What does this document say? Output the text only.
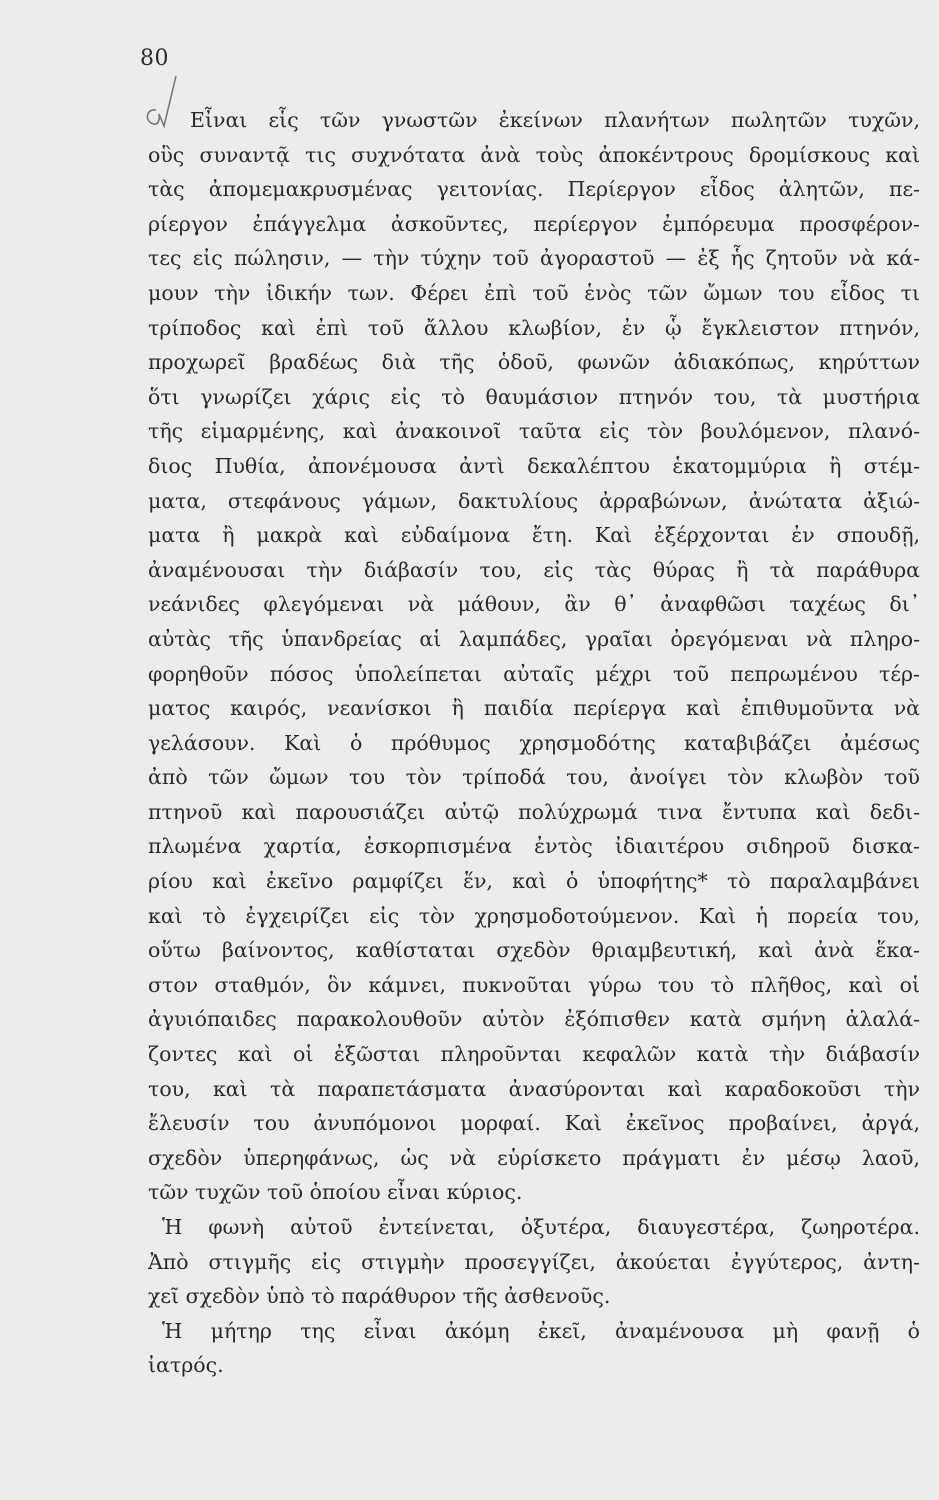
80
Εἶναι εἷς τῶν γνωστῶν ἐκείνων πλανήτων πωλητῶν τυχῶν,
οὓς συναντᾷ τις συχνότατα ἀνὰ τοὺς ἀποκέντρους δρομίσκους καὶ
τὰς ἀπομεμακρυσμένας γειτονίας. Περίεργον εἶδος ἀλητῶν, πε-
ρίεργον ἐπάγγελμα ἀσκοῦντες, περίεργον ἐμπόρευμα προσφέρον-
τες εἰς πώλησιν, — τὴν τύχην τοῦ ἀγοραστοῦ — ἐξ ἧς ζητοῦν νὰ κά-
μουν τὴν ἰδικήν των. Φέρει ἐπὶ τοῦ ἑνὸς τῶν ὤμων του εἶδος τι
τρίποδος καὶ ἐπὶ τοῦ ἄλλου κλωβίον, ἐν ᾧ ἔγκλειστον πτηνόν,
προχωρεῖ βραδέως διὰ τῆς ὁδοῦ, φωνῶν ἀδιακόπως, κηρύττων
ὅτι γνωρίζει χάρις εἰς τὸ θαυμάσιον πτηνόν του, τὰ μυστήρια
τῆς εἱμαρμένης, καὶ ἀνακοινοῖ ταῦτα εἰς τὸν βουλόμενον, πλανό-
διος Πυθία, ἀπονέμουσα ἀντὶ δεκαλέπτου ἑκατομμύρια ἢ στέμ-
ματα, στεφάνους γάμων, δακτυλίους ἀρραβώνων, ἀνώτατα ἀξιώ-
ματα ἢ μακρὰ καὶ εὐδαίμονα ἔτη. Καὶ ἐξέρχονται ἐν σπουδῇ,
ἀναμένουσαι τὴν διάβασίν του, εἰς τὰς θύρας ἢ τὰ παράθυρα
νεάνιδες φλεγόμεναι νὰ μάθουν, ἂν θ᾽ ἀναφθῶσι ταχέως δι᾽
αὐτὰς τῆς ὑπανδρείας αἱ λαμπάδες, γραῖαι ὀρεγόμεναι νὰ πληρο-
φορηθοῦν πόσος ὑπολείπεται αὐταῖς μέχρι τοῦ πεπρωμένου τέρ-
ματος καιρός, νεανίσκοι ἢ παιδία περίεργα καὶ ἐπιθυμοῦντα νὰ
γελάσουν. Καὶ ὁ πρόθυμος χρησμοδότης καταβιβάζει ἀμέσως
ἀπὸ τῶν ὤμων του τὸν τρίποδά του, ἀνοίγει τὸν κλωβὸν τοῦ
πτηνοῦ καὶ παρουσιάζει αὐτῷ πολύχρωμά τινα ἔντυπα καὶ δεδι-
πλωμένα χαρτία, ἐσκορπισμένα ἐντὸς ἰδιαιτέρου σιδηροῦ δισκα-
ρίου καὶ ἐκεῖνο ραμφίζει ἕν, καὶ ὁ ὑποφήτης* τὸ παραλαμβάνει
καὶ τὸ ἐγχειρίζει εἰς τὸν χρησμοδοτούμενον. Καὶ ἡ πορεία του,
οὕτω βαίνοντος, καθίσταται σχεδὸν θριαμβευτική, καὶ ἀνὰ ἕκα-
στον σταθμόν, ὃν κάμνει, πυκνοῦται γύρω του τὸ πλῆθος, καὶ οἱ
ἀγυιόπαιδες παρακολουθοῦν αὐτὸν ἐξόπισθεν κατὰ σμήνη ἀλαλά-
ζοντες καὶ οἱ ἐξῶσται πληροῦνται κεφαλῶν κατὰ τὴν διάβασίν
του, καὶ τὰ παραπετάσματα ἀνασύρονται καὶ καραδοκοῦσι τὴν
ἔλευσίν του ἀνυπόμονοι μορφαί. Καὶ ἐκεῖνος προβαίνει, ἀργά,
σχεδὸν ὑπερηφάνως, ὡς νὰ εὑρίσκετο πράγματι ἐν μέσῳ λαοῦ,
τῶν τυχῶν τοῦ ὁποίου εἶναι κύριος.
Ἡ φωνὴ αὐτοῦ ἐντείνεται, ὀξυτέρα, διαυγεστέρα, ζωηροτέρα.
Ἀπὸ στιγμῆς εἰς στιγμὴν προσεγγίζει, ἀκούεται ἐγγύτερος, ἀντη-
χεῖ σχεδὸν ὑπὸ τὸ παράθυρον τῆς ἀσθενοῦς.
Ἡ μήτηρ της εἶναι ἀκόμη ἐκεῖ, ἀναμένουσα μὴ φανῇ ὁ
ἰατρός.
